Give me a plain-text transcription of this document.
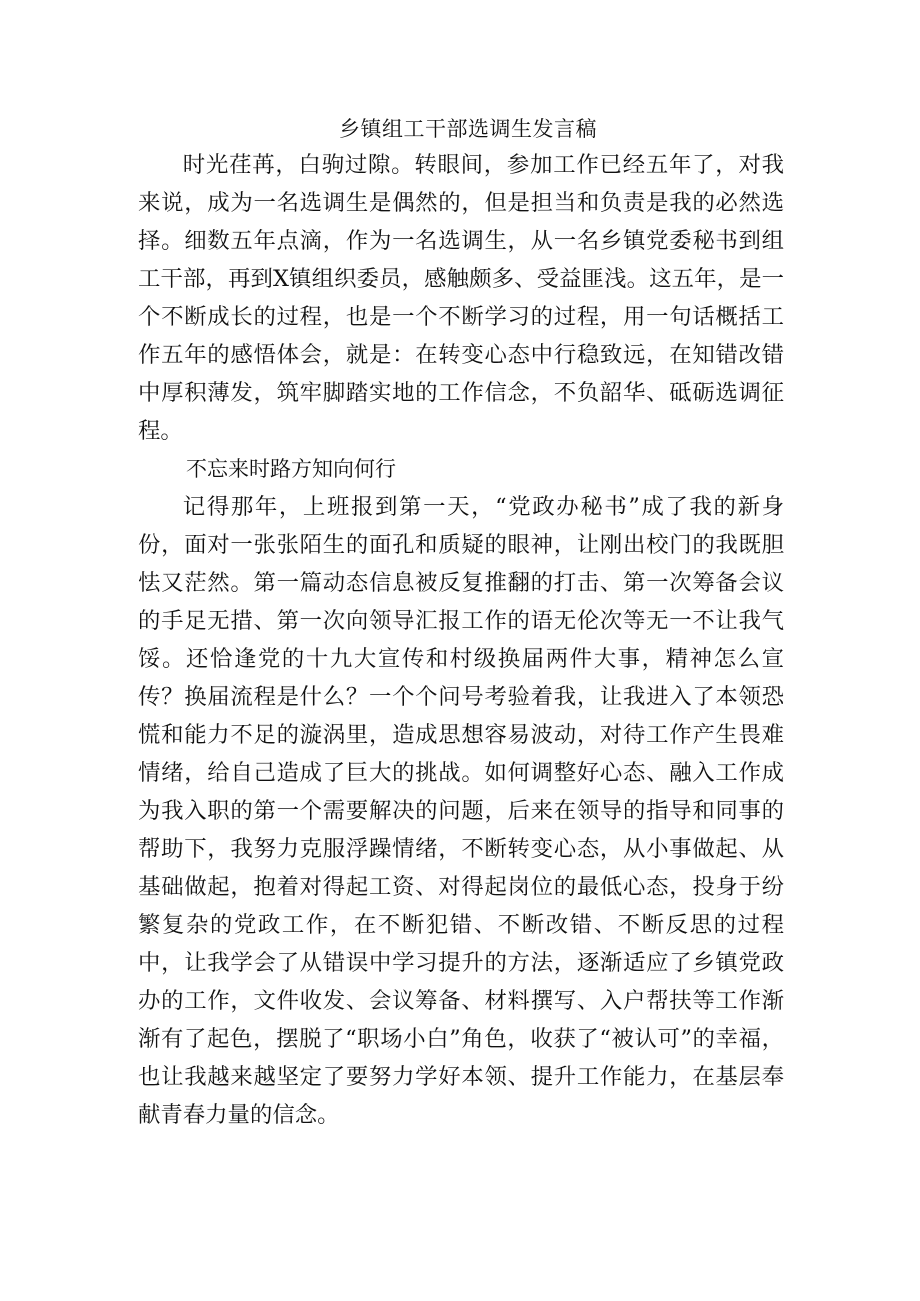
乡镇组工干部选调生发言稿

时光荏苒，白驹过隙。转眼间，参加工作已经五年了，对我来说，成为一名选调生是偶然的，但是担当和负责是我的必然选择。细数五年点滴，作为一名选调生，从一名乡镇党委秘书到组工干部，再到X镇组织委员，感触颇多、受益匪浅。这五年，是一个不断成长的过程，也是一个不断学习的过程，用一句话概括工作五年的感悟体会，就是：在转变心态中行稳致远，在知错改错中厚积薄发，筑牢脚踏实地的工作信念，不负韶华、砥砺选调征程。

不忘来时路方知向何行

记得那年，上班报到第一天，“党政办秘书”成了我的新身份，面对一张张陌生的面孔和质疑的眼神，让刚出校门的我既胆怯又茫然。第一篇动态信息被反复推翻的打击、第一次筹备会议的手足无措、第一次向领导汇报工作的语无伦次等无一不让我气馁。还恰逢党的十九大宣传和村级换届两件大事，精神怎么宣传？换届流程是什么？一个个问号考验着我，让我进入了本领恐慌和能力不足的漩涡里，造成思想容易波动，对待工作产生畏难情绪，给自己造成了巨大的挑战。如何调整好心态、融入工作成为我入职的第一个需要解决的问题，后来在领导的指导和同事的帮助下，我努力克服浮躁情绪，不断转变心态，从小事做起、从基础做起，抱着对得起工资、对得起岗位的最低心态，投身于纷繁复杂的党政工作，在不断犯错、不断改错、不断反思的过程中，让我学会了从错误中学习提升的方法，逐渐适应了乡镇党政办的工作，文件收发、会议筹备、材料撰写、入户帮扶等工作渐渐有了起色，摆脱了“职场小白”角色，收获了“被认可”的幸福，也让我越来越坚定了要努力学好本领、提升工作能力，在基层奉献青春力量的信念。
